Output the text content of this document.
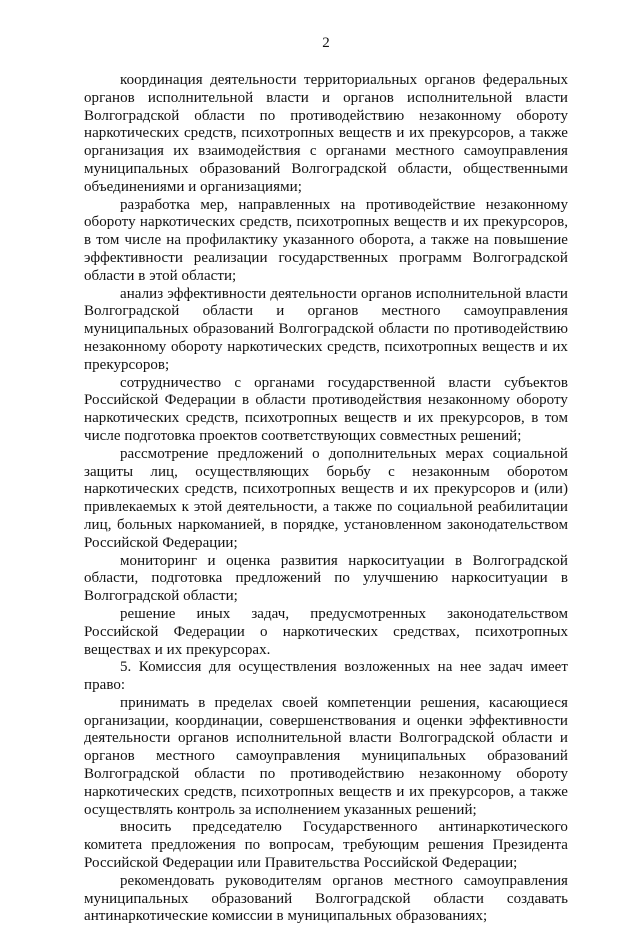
2

координация деятельности территориальных органов федеральных органов исполнительной власти и органов исполнительной власти Волгоградской области по противодействию незаконному обороту наркотических средств, психотропных веществ и их прекурсоров, а также организация их взаимодействия с органами местного самоуправления муниципальных образований Волгоградской области, общественными объединениями и организациями;

разработка мер, направленных на противодействие незаконному обороту наркотических средств, психотропных веществ и их прекурсоров, в том числе на профилактику указанного оборота, а также на повышение эффективности реализации государственных программ Волгоградской области в этой области;

анализ эффективности деятельности органов исполнительной власти Волгоградской области и органов местного самоуправления муниципальных образований Волгоградской области по противодействию незаконному обороту наркотических средств, психотропных веществ и их прекурсоров;

сотрудничество с органами государственной власти субъектов Российской Федерации в области противодействия незаконному обороту наркотических средств, психотропных веществ и их прекурсоров, в том числе подготовка проектов соответствующих совместных решений;

рассмотрение предложений о дополнительных мерах социальной защиты лиц, осуществляющих борьбу с незаконным оборотом наркотических средств, психотропных веществ и их прекурсоров и (или) привлекаемых к этой деятельности, а также по социальной реабилитации лиц, больных наркоманией, в порядке, установленном законодательством Российской Федерации;

мониторинг и оценка развития наркоситуации в Волгоградской области, подготовка предложений по улучшению наркоситуации в Волгоградской области;

решение иных задач, предусмотренных законодательством Российской Федерации о наркотических средствах, психотропных веществах и их прекурсорах.

5. Комиссия для осуществления возложенных на нее задач имеет право:

принимать в пределах своей компетенции решения, касающиеся организации, координации, совершенствования и оценки эффективности деятельности органов исполнительной власти Волгоградской области и органов местного самоуправления муниципальных образований Волгоградской области по противодействию незаконному обороту наркотических средств, психотропных веществ и их прекурсоров, а также осуществлять контроль за исполнением указанных решений;

вносить председателю Государственного антинаркотического комитета предложения по вопросам, требующим решения Президента Российской Федерации или Правительства Российской Федерации;

рекомендовать руководителям органов местного самоуправления муниципальных образований Волгоградской области создавать антинаркотические комиссии в муниципальных образованиях;
